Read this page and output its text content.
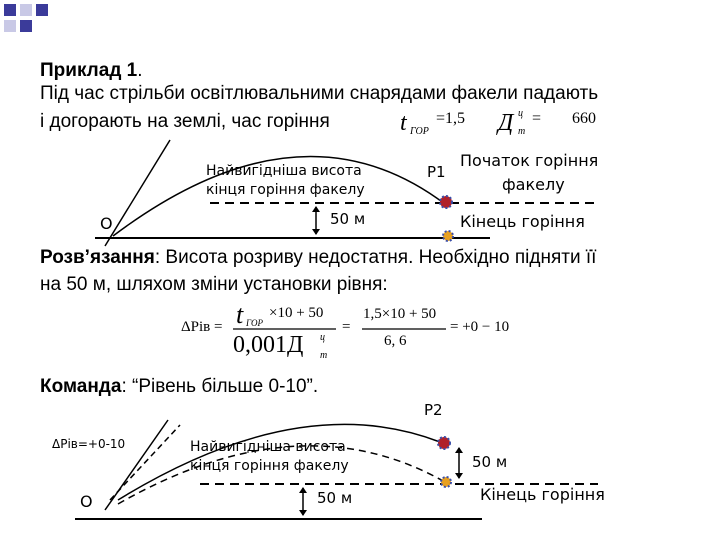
Приклад 1.
Під час стрільби освітлювальними снарядами факели падають
і догорають на землі, час горіння	t ГОР
=1,5 Д ц
т
= 660
Найвигідніша висота
кінця горіння факелу
Р1
Початок горіння
факелу
О	50 м	Кінець горіння
Розв’язання: Висота розриву недостатня. Необхідно підняти її
на 50 м, шляхом зміни установки рівня:
ΔРів = t ГОР
×10 + 50
0,001Д ц
т
=
1,5×10 + 50
6, 6
= +0 − 10
Команда: “Рівень більше 0-10”.
Р2
ΔРів=+0-10	Найвигідніша висота
кінця горіння факелу	50 м
Кінець горіння
О	50 м
